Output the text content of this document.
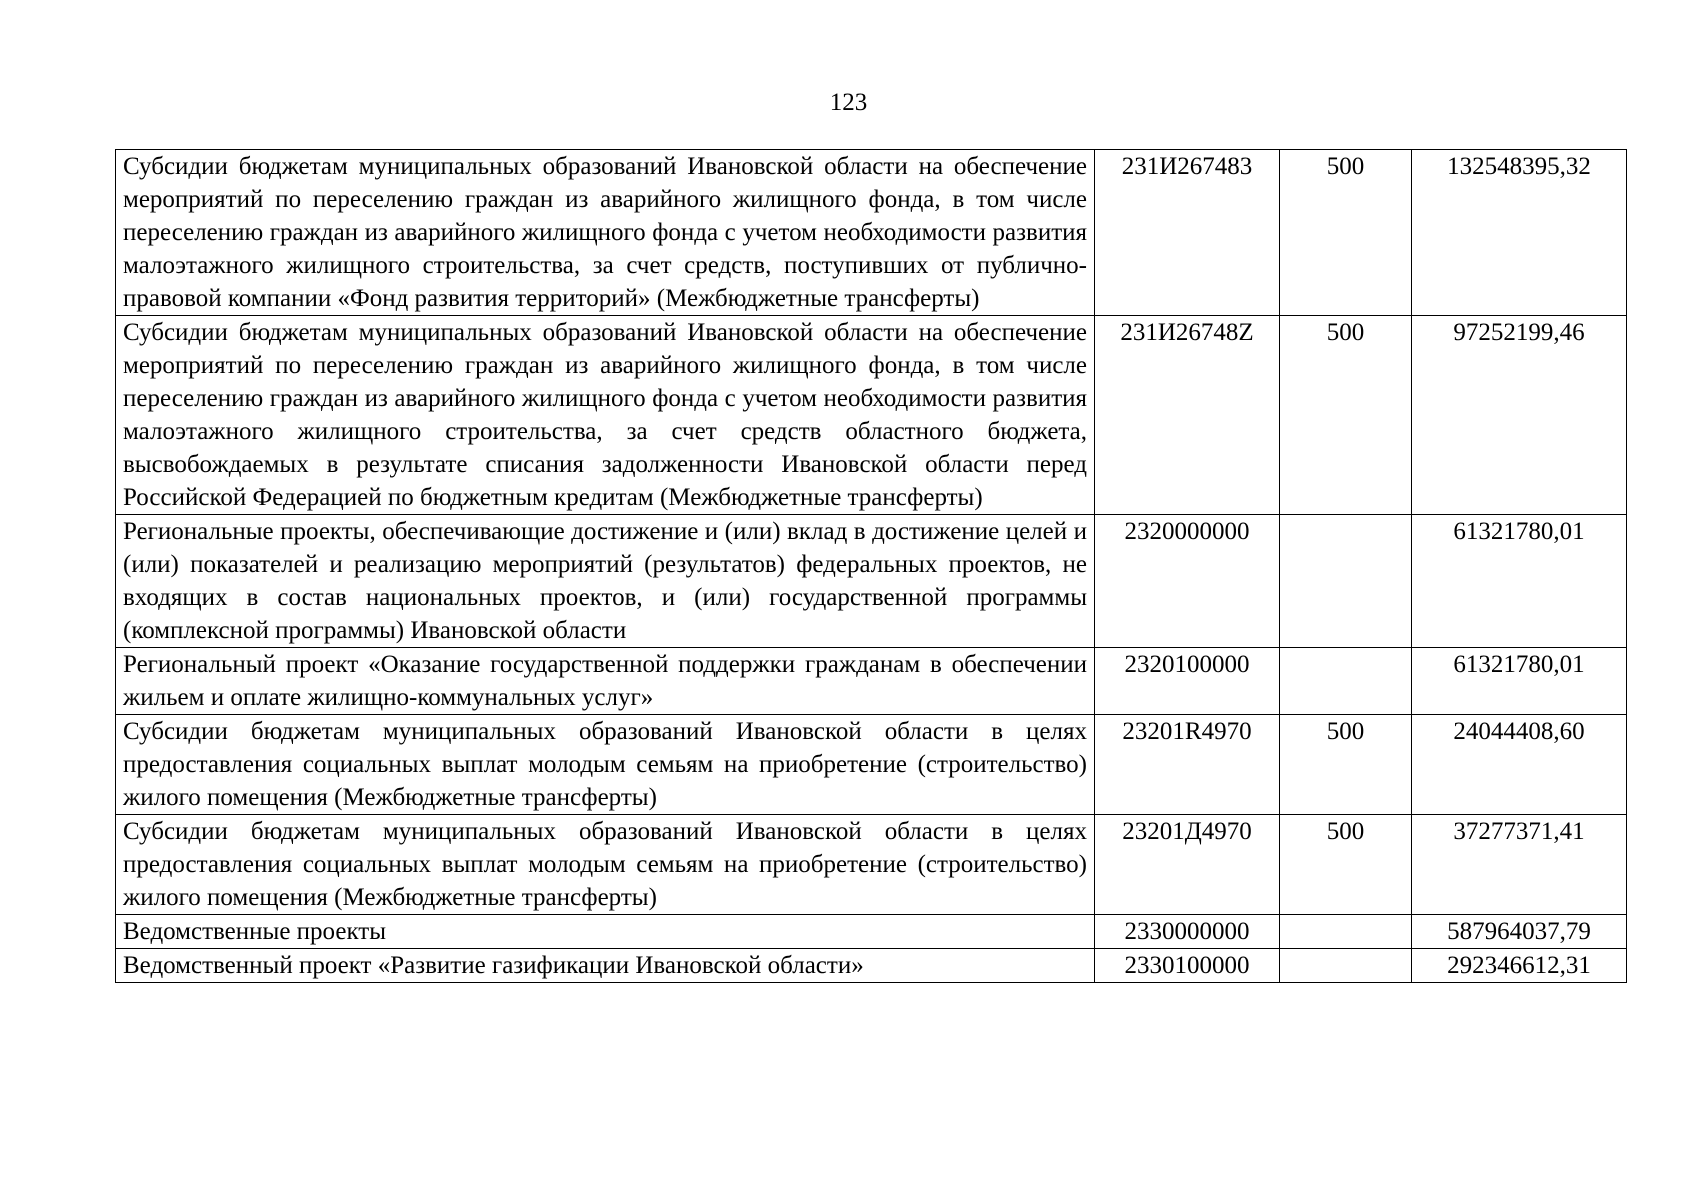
123
Субсидии бюджетам муниципальных образований Ивановской области на обеспечение мероприятий по переселению граждан из аварийного жилищного фонда, в том числе переселению граждан из аварийного жилищного фонда с учетом необходимости развития малоэтажного жилищного строительства, за счет средств, поступивших от публично-правовой компании «Фонд развития территорий» (Межбюджетные трансферты)	231И267483	500	132548395,32
Субсидии бюджетам муниципальных образований Ивановской области на обеспечение мероприятий по переселению граждан из аварийного жилищного фонда, в том числе переселению граждан из аварийного жилищного фонда с учетом необходимости развития малоэтажного жилищного строительства, за счет средств областного бюджета, высвобождаемых в результате списания задолженности Ивановской области перед Российской Федерацией по бюджетным кредитам (Межбюджетные трансферты)	231И26748Z	500	97252199,46
Региональные проекты, обеспечивающие достижение и (или) вклад в достижение целей и (или) показателей и реализацию мероприятий (результатов) федеральных проектов, не входящих в состав национальных проектов, и (или) государственной программы (комплексной программы) Ивановской области	2320000000		61321780,01
Региональный проект «Оказание государственной поддержки гражданам в обеспечении жильем и оплате жилищно-коммунальных услуг»	2320100000		61321780,01
Субсидии бюджетам муниципальных образований Ивановской области в целях предоставления социальных выплат молодым семьям на приобретение (строительство) жилого помещения (Межбюджетные трансферты)	23201R4970	500	24044408,60
Субсидии бюджетам муниципальных образований Ивановской области в целях предоставления социальных выплат молодым семьям на приобретение (строительство) жилого помещения (Межбюджетные трансферты)	23201Д4970	500	37277371,41
Ведомственные проекты	2330000000		587964037,79
Ведомственный проект «Развитие газификации Ивановской области»	2330100000		292346612,31
